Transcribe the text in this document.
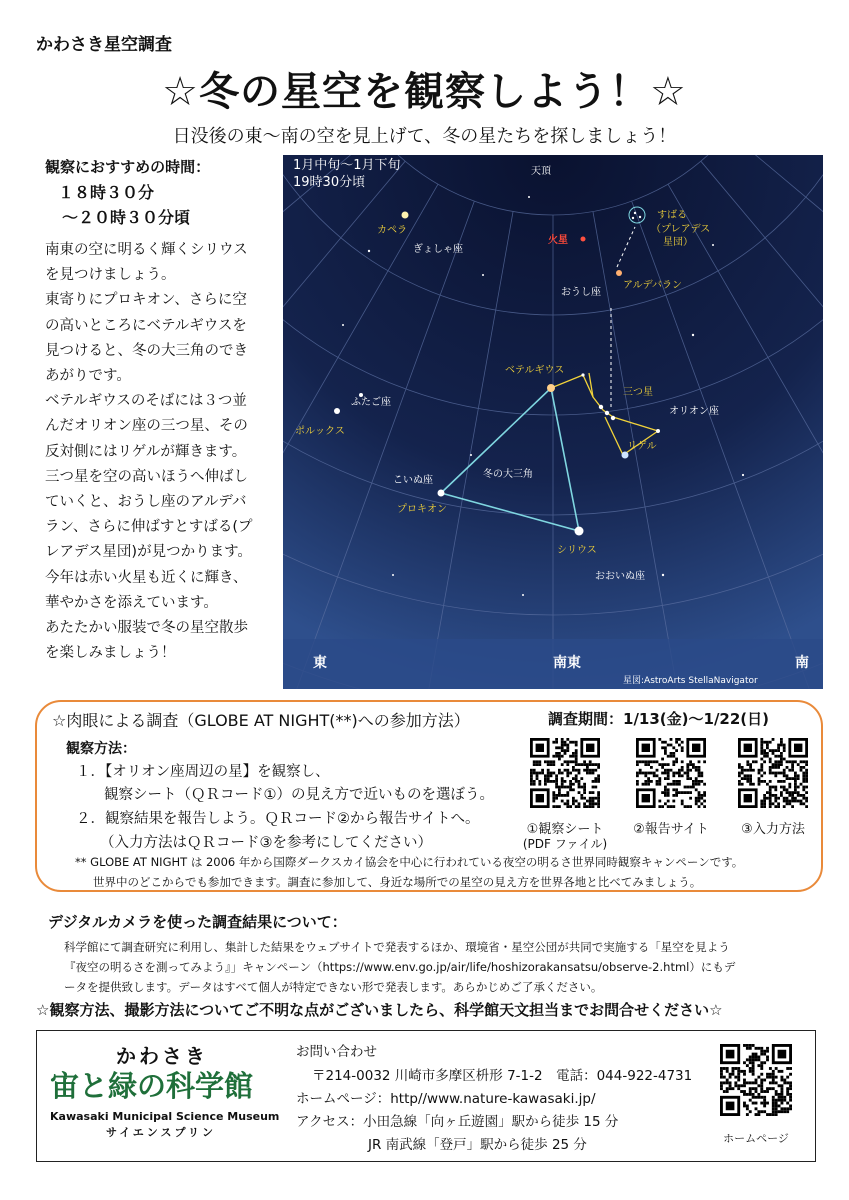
かわさき星空調査
☆冬の星空を観察しよう！☆
日没後の東～南の空を見上げて、冬の星たちを探しましょう！
観察におすすめの時間：
１８時３０分
～２０時３０分頃

南東の空に明るく輝くシリウス

を見つけましょう。

東寄りにプロキオン、さらに空

の高いところにベテルギウスを

見つけると、冬の大三角のでき

あがりです。

ベテルギウスのそばには３つ並

んだオリオン座の三つ星、その

反対側にはリゲルが輝きます。

三つ星を空の高いほうへ伸ばし

ていくと、おうし座のアルデバ

ラン、さらに伸ばすとすばる(プ

レアデス星団)が見つかります。

今年は赤い火星も近くに輝き、

華やかさを添えています。

あたたかい服装で冬の星空散歩

を楽しみましょう！

1月中旬～1月下旬
19時30分頃
天頂
カペラ
ぎょしゃ座
火星
すばる
（プレアデス
星団）
おうし座
アルデバラン
ベテルギウス
三つ星
オリオン座
リゲル
ふたご座
ポルックス
こいぬ座
プロキオン
冬の大三角
シリウス
おおいぬ座
東	南東	南
星図:AstroArts StellaNavigator
☆肉眼による調査（GLOBE AT NIGHT(**)への参加方法）	調査期間：1/13(金)～1/22(日)
観察方法：
１．【オリオン座周辺の星】を観察し、
観察シート（ＱＲコード①）の見え方で近いものを選ぼう。
２．観察結果を報告しよう。ＱＲコード②から報告サイトへ。
（入力方法はＱＲコード③を参考にしてください）
①観察シート
(PDF ファイル)
②報告サイト	③入力方法
** GLOBE AT NIGHT は 2006 年から国際ダークスカイ協会を中心に行われている夜空の明るさ世界同時観察キャンペーンです。
世界中のどこからでも参加できます。調査に参加して、身近な場所での星空の見え方を世界各地と比べてみましょう。
デジタルカメラを使った調査結果について：
科学館にて調査研究に利用し、集計した結果をウェブサイトで発表するほか、環境省・星空公団が共同で実施する「星空を見よう
『夜空の明るさを測ってみよう』」キャンペーン（https://www.env.go.jp/air/life/hoshizorakansatsu/observe-2.html）にもデ
ータを提供致します。データはすべて個人が特定できない形で発表します。あらかじめご了承ください。
☆観察方法、撮影方法についてご不明な点がございましたら、科学館天文担当までお問合せください☆
かわさき
宙と緑の科学館
Kawasaki Municipal Science Museum
サイエンスプリン
お問い合わせ
〒214-0032 川崎市多摩区枡形 7-1-2　電話：044-922-4731
ホームページ：http//www.nature-kawasaki.jp/
アクセス：小田急線「向ヶ丘遊園」駅から徒歩 15 分
JR 南武線「登戸」駅から徒歩 25 分	ホームページ
